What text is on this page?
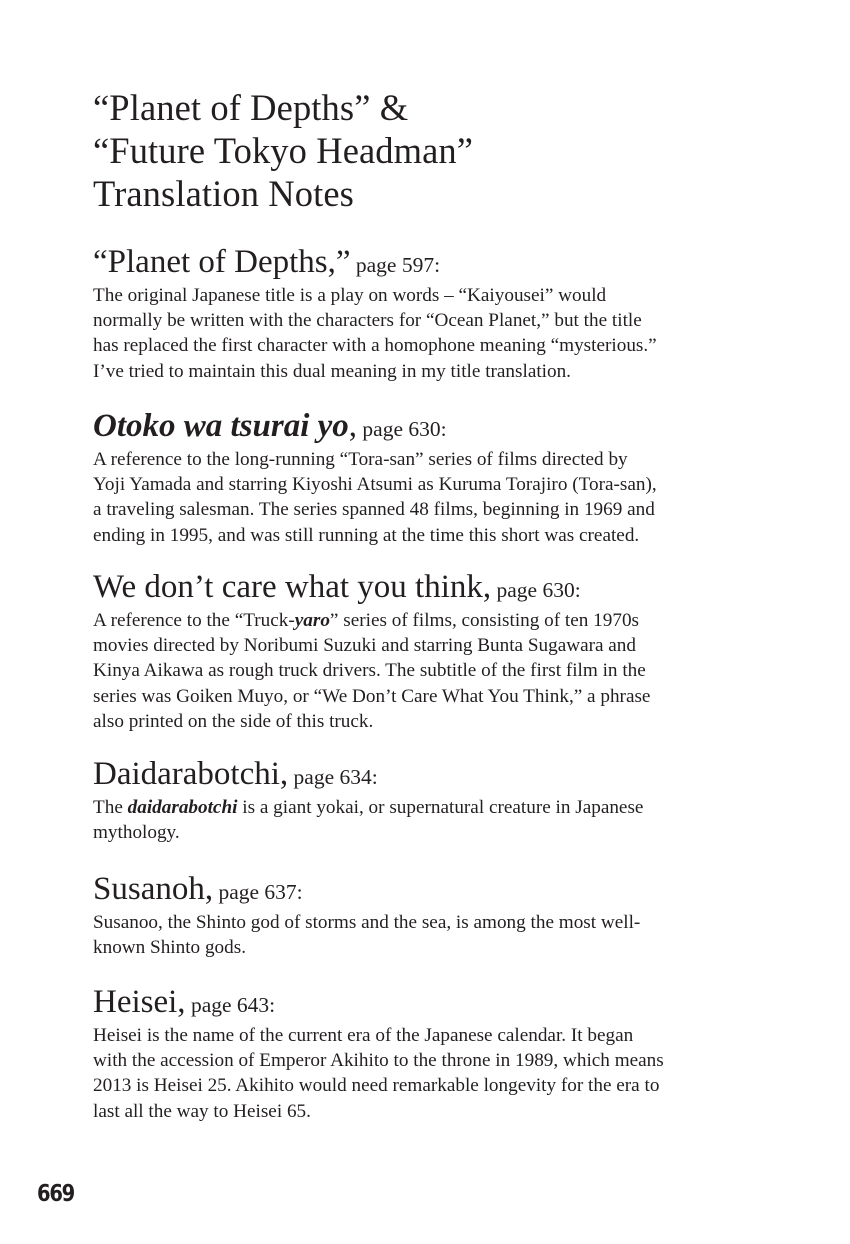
“Planet of Depths” &
“Future Tokyo Headman”
Translation Notes
“Planet of Depths,” page 597:
The original Japanese title is a play on words – “Kaiyousei” would
normally be written with the characters for “Ocean Planet,” but the title
has replaced the first character with a homophone meaning “mysterious.”
I’ve tried to maintain this dual meaning in my title translation.
Otoko wa tsurai yo, page 630:
A reference to the long-running “Tora-san” series of films directed by
Yoji Yamada and starring Kiyoshi Atsumi as Kuruma Torajiro (Tora-san),
a traveling salesman. The series spanned 48 films, beginning in 1969 and
ending in 1995, and was still running at the time this short was created.
We don’t care what you think, page 630:
A reference to the “Truck-yaro” series of films, consisting of ten 1970s
movies directed by Noribumi Suzuki and starring Bunta Sugawara and
Kinya Aikawa as rough truck drivers. The subtitle of the first film in the
series was Goiken Muyo, or “We Don’t Care What You Think,” a phrase
also printed on the side of this truck.
Daidarabotchi, page 634:
The daidarabotchi is a giant yokai, or supernatural creature in Japanese
mythology.
Susanoh, page 637:
Susanoo, the Shinto god of storms and the sea, is among the most well-
known Shinto gods.
Heisei, page 643:
Heisei is the name of the current era of the Japanese calendar. It began
with the accession of Emperor Akihito to the throne in 1989, which means
2013 is Heisei 25. Akihito would need remarkable longevity for the era to
last all the way to Heisei 65.
669
